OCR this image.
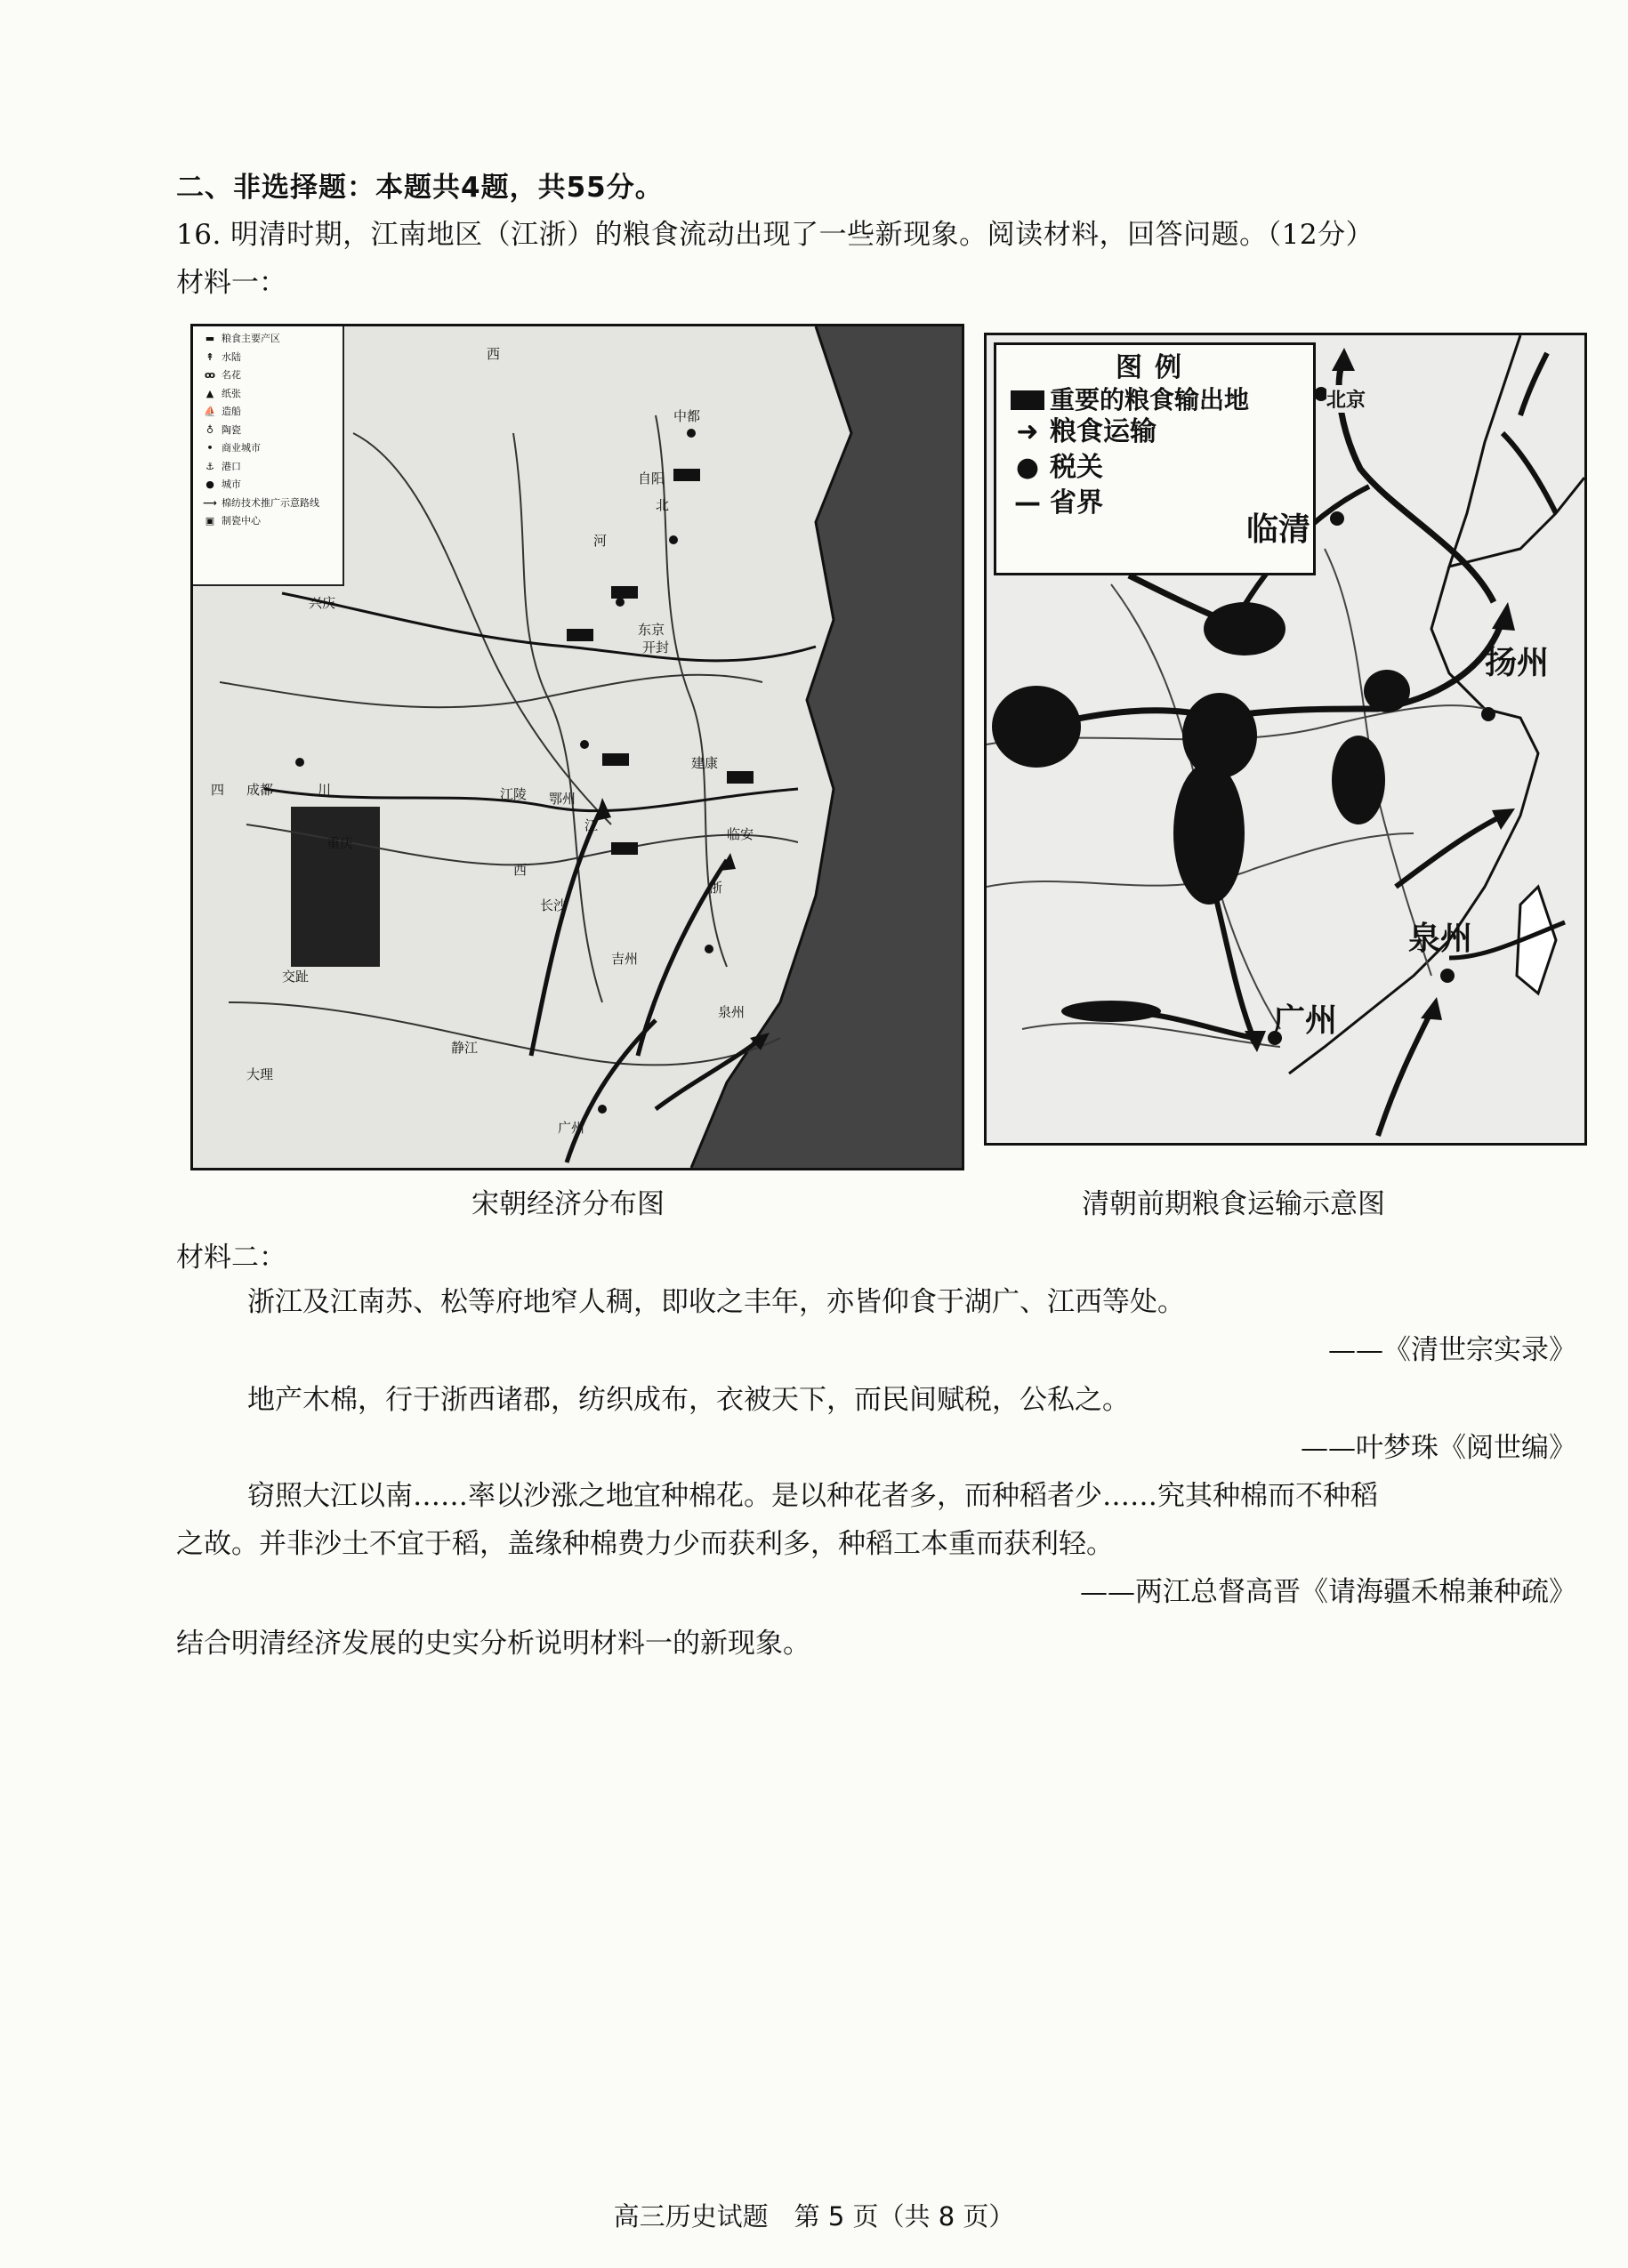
二、非选择题：本题共4题，共55分。
16. 明清时期，江南地区（江浙）的粮食流动出现了一些新现象。阅读材料，回答问题。（12分）
材料一：
▬ 粮食主要产区
↟ 水陆
ꝏ 名花
▲ 纸张
⛵ 造船
♁ 陶瓷
• 商业城市
⚓ 港口
● 城市
⟶ 棉纺技术推广示意路线
▣ 制瓷中心
西
中都
北
兴庆
自阳
河
东京
开封
四	川
成都
重庆
江陵 鄂州
江
浙
西
长沙
吉州
泉州
静江
大理
交趾
临安
建康
广州
图例
重要的粮食输出地
➜ 粮食运输
● 税关
— 省界
北京
临清
扬州
泉州
广州
宋朝经济分布图	清朝前期粮食运输示意图
材料二：
浙江及江南苏、松等府地窄人稠，即收之丰年，亦皆仰食于湖广、江西等处。
——《清世宗实录》
地产木棉，行于浙西诸郡，纺织成布，衣被天下，而民间赋税，公私之。
——叶梦珠《阅世编》
窃照大江以南……率以沙涨之地宜种棉花。是以种花者多，而种稻者少……究其种棉而不种稻
之故。并非沙土不宜于稻，盖缘种棉费力少而获利多，种稻工本重而获利轻。
——两江总督高晋《请海疆禾棉兼种疏》
结合明清经济发展的史实分析说明材料一的新现象。
高三历史试题　第 5 页（共 8 页）
